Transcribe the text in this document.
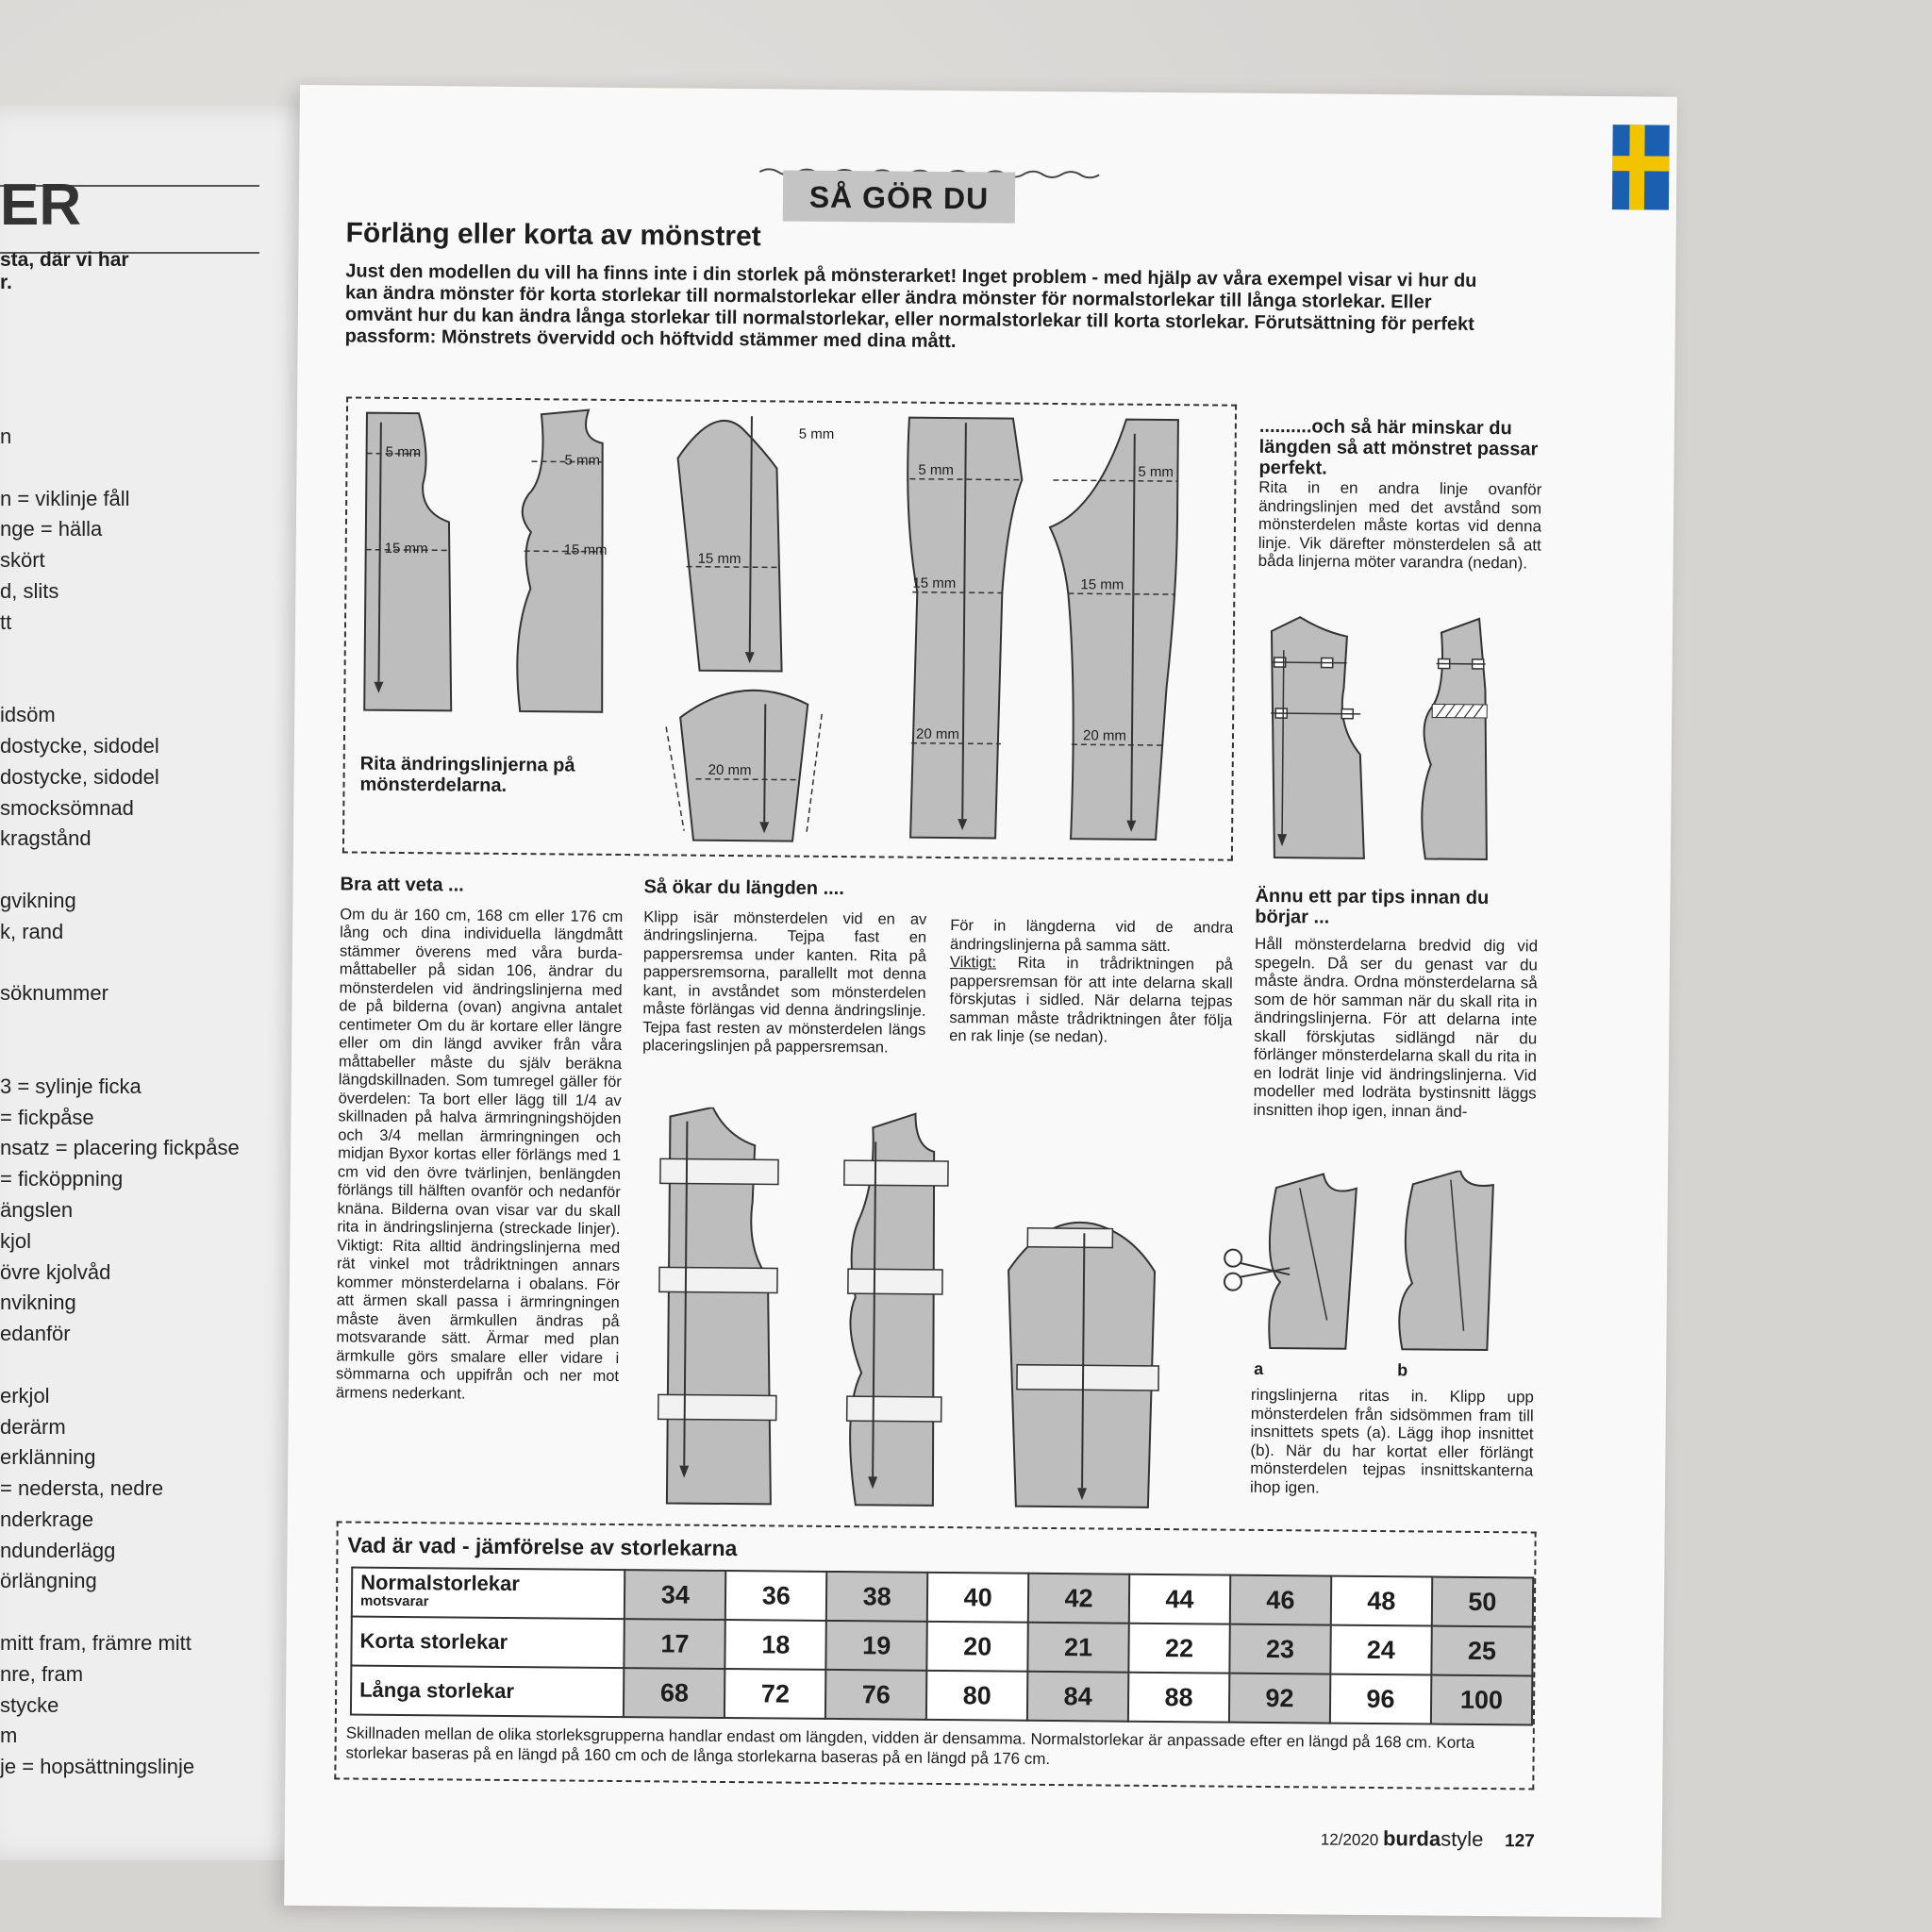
ER
sta, där vi har
r.
n
n = viklinje fåll
nge = hälla
skört
d, slits
tt
idsöm
dostycke, sidodel
dostycke, sidodel
smocksömnad
kragstånd
gvikning
k, rand
söknummer
3 = sylinje ficka
= fickpåse
nsatz = placering fickpåse
= ficköppning
ängslen
kjol
övre kjolvåd
nvikning
edanför
erkjol
derärm
erklänning
= nedersta, nedre
nderkrage
ndunderlägg
örlängning
mitt fram, främre mitt
nre, fram
stycke
m
je = hopsättningslinje
SÅ GÖR DU
Förläng eller korta av mönstret
Just den modellen du vill ha finns inte i din storlek på mönsterarket! Inget problem - med hjälp av våra exempel visar vi hur du kan ändra mönster för korta storlekar till normalstorlekar eller ändra mönster för normalstorlekar till långa storlekar. Eller omvänt hur du kan ändra långa storlekar till normalstorlekar, eller normalstorlekar till korta storlekar. Förutsättning för perfekt passform: Mönstrets övervidd och höftvidd stämmer med dina mått.
5 mm
15 mm
5 mm
15 mm
5 mm
15 mm
20 mm
5 mm
15 mm
20 mm
5 mm
15 mm
20 mm
Rita ändringslinjerna på mönsterdelarna.
..........och så här minskar du längden så att mönstret passar perfekt.
Rita in en andra linje ovanför ändringslinjen med det avstånd som mönsterdelen måste kortas vid denna linje. Vik därefter mönsterdelen så att båda linjerna möter varandra (nedan).
Bra att veta ...
Om du är 160 cm, 168 cm eller 176 cm lång och dina individuella längdmått stämmer överens med våra burda-måttabeller på sidan 106, ändrar du mönsterdelen vid ändringslinjerna med de på bilderna (ovan) angivna antalet centimeter Om du är kortare eller längre eller om din längd avviker från våra måttabeller måste du själv beräkna längdskillnaden. Som tumregel gäller för överdelen: Ta bort eller lägg till 1/4 av skillnaden på halva ärmringningshöjden och 3/4 mellan ärmringningen och midjan Byxor kortas eller förlängs med 1 cm vid den övre tvärlinjen, benlängden förlängs till hälften ovanför och nedanför knäna. Bilderna ovan visar var du skall rita in ändringslinjerna (streckade linjer). Viktigt: Rita alltid ändringslinjerna med rät vinkel mot trådriktningen annars kommer mönsterdelarna i obalans. För att ärmen skall passa i ärmringningen måste även ärmkullen ändras på motsvarande sätt. Ärmar med plan ärmkulle görs smalare eller vidare i sömmarna och uppifrån och ner mot ärmens nederkant.
Så ökar du längden ....
Klipp isär mönsterdelen vid en av ändringslinjerna. Tejpa fast en pappersremsa under kanten. Rita på pappersremsorna, parallellt mot denna kant, in avståndet som mönsterdelen måste förlängas vid denna ändringslinje. Tejpa fast resten av mönsterdelen längs placeringslinjen på pappersremsan.
För in längderna vid de andra ändringslinjerna på samma sätt.
Viktigt: Rita in trådriktningen på pappersremsan för att inte delarna skall förskjutas i sidled. När delarna tejpas samman måste trådriktningen åter följa en rak linje (se nedan).
Ännu ett par tips innan du börjar ...
Håll mönsterdelarna bredvid dig vid spegeln. Då ser du genast var du måste ändra. Ordna mönsterdelarna så som de hör samman när du skall rita in ändringslinjerna. För att delarna inte skall förskjutas sidlängd när du förlänger mönsterdelarna skall du rita in en lodrät linje vid ändringslinjerna. Vid modeller med lodräta bystinsnitt läggs insnitten ihop igen, innan änd-
a	b
ringslinjerna ritas in. Klipp upp mönsterdelen från sidsömmen fram till insnittets spets (a). Lägg ihop insnittet (b). När du har kortat eller förlängt mönsterdelen tejpas insnittskanterna ihop igen.
Vad är vad - jämförelse av storlekarna
Normalstorlekar
motsvarar	34	36	38	40	42	44	46	48	50
Korta storlekar	17	18	19	20	21	22	23	24	25
Långa storlekar	68	72	76	80	84	88	92	96	100
Skillnaden mellan de olika storleksgrupperna handlar endast om längden, vidden är densamma. Normalstorlekar är anpassade efter en längd på 168 cm. Korta storlekar baseras på en längd på 160 cm och de långa storlekarna baseras på en längd på 176 cm.
12/2020 burdastyle 127
